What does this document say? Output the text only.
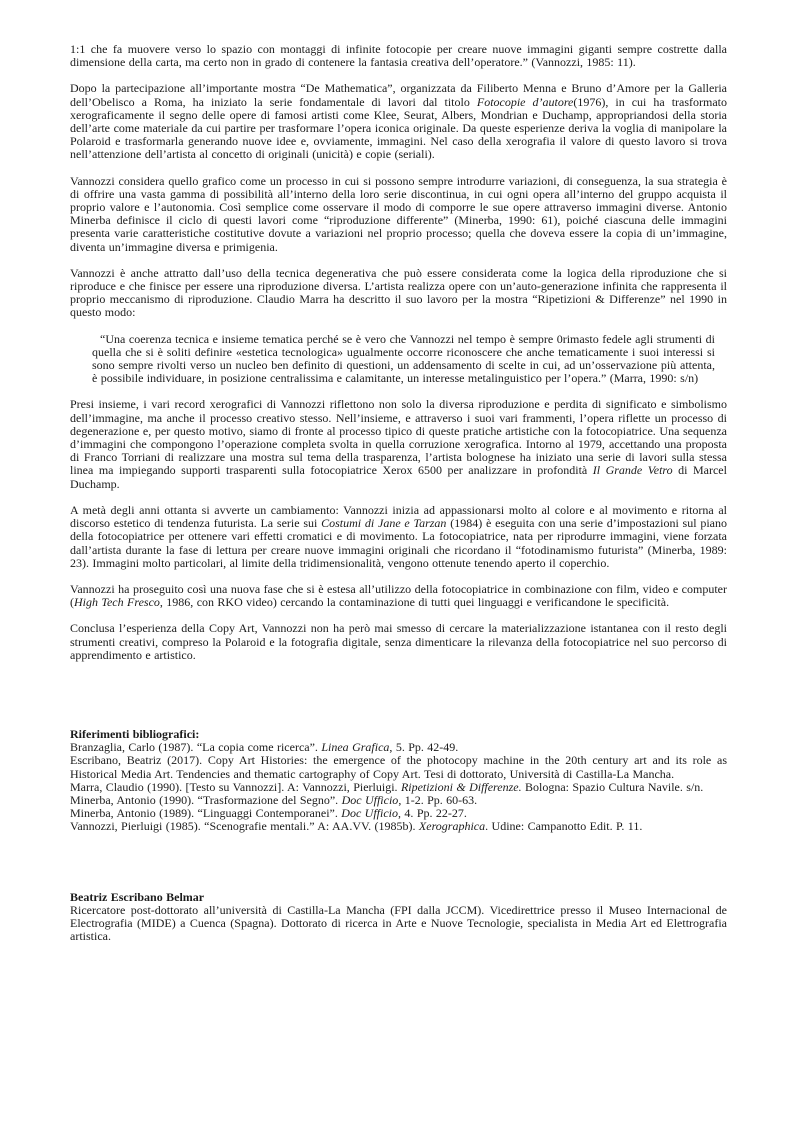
1:1 che fa muovere verso lo spazio con montaggi di infinite fotocopie per creare nuove immagini giganti sempre costrette dalla dimensione della carta, ma certo non in grado di contenere la fantasia creativa dell’operatore.” (Vannozzi, 1985: 11).

Dopo la partecipazione all’importante mostra “De Mathematica”, organizzata da Filiberto Menna e Bruno d’Amore per la Galleria dell’Obelisco a Roma, ha iniziato la serie fondamentale di lavori dal titolo Fotocopie d’autore(1976), in cui ha trasformato xerograficamente il segno delle opere di famosi artisti come Klee, Seurat, Albers, Mondrian e Duchamp, appropriandosi della storia dell’arte come materiale da cui partire per trasformare l’opera iconica originale. Da queste esperienze deriva la voglia di manipolare la Polaroid e trasformarla generando nuove idee e, ovviamente, immagini. Nel caso della xerografia il valore di questo lavoro si trova nell’attenzione dell’artista al concetto di originali (unicità) e copie (seriali).

Vannozzi considera quello grafico come un processo in cui si possono sempre introdurre variazioni, di conseguenza, la sua strategia è di offrire una vasta gamma di possibilità all’interno della loro serie discontinua, in cui ogni opera all’interno del gruppo acquista il proprio valore e l’autonomia. Così semplice come osservare il modo di comporre le sue opere attraverso immagini diverse. Antonio Minerba definisce il ciclo di questi lavori come “riproduzione differente” (Minerba, 1990: 61), poiché ciascuna delle immagini presenta varie caratteristiche costitutive dovute a variazioni nel proprio processo; quella che doveva essere la copia di un’immagine, diventa un’immagine diversa e primigenia.

Vannozzi è anche attratto dall’uso della tecnica degenerativa che può essere considerata come la logica della riproduzione che si riproduce e che finisce per essere una riproduzione diversa. L’artista realizza opere con un’auto-generazione infinita che rappresenta il proprio meccanismo di riproduzione. Claudio Marra ha descritto il suo lavoro per la mostra “Ripetizioni & Differenze” nel 1990 in questo modo:

“Una coerenza tecnica e insieme tematica perché se è vero che Vannozzi nel tempo è sempre 0rimasto fedele agli strumenti di quella che si è soliti definire «estetica tecnologica» ugualmente occorre riconoscere che anche tematicamente i suoi interessi si sono sempre rivolti verso un nucleo ben definito di questioni, un addensamento di scelte in cui, ad un’osservazione più attenta, è possibile individuare, in posizione centralissima e calamitante, un interesse metalinguistico per l’opera.” (Marra, 1990: s/n)

Presi insieme, i vari record xerografici di Vannozzi riflettono non solo la diversa riproduzione e perdita di significato e simbolismo dell’immagine, ma anche il processo creativo stesso. Nell’insieme, e attraverso i suoi vari frammenti, l’opera riflette un processo di degenerazione e, per questo motivo, siamo di fronte al processo tipico di queste pratiche artistiche con la fotocopiatrice. Una sequenza d’immagini che compongono l’operazione completa svolta in quella corruzione xerografica. Intorno al 1979, accettando una proposta di Franco Torriani di realizzare una mostra sul tema della trasparenza, l’artista bolognese ha iniziato una serie di lavori sulla stessa linea ma impiegando supporti trasparenti sulla fotocopiatrice Xerox 6500 per analizzare in profondità Il Grande Vetro di Marcel Duchamp.

A metà degli anni ottanta si avverte un cambiamento: Vannozzi inizia ad appassionarsi molto al colore e al movimento e ritorna al discorso estetico di tendenza futurista. La serie sui Costumi di Jane e Tarzan (1984) è eseguita con una serie d’impostazioni sul piano della fotocopiatrice per ottenere vari effetti cromatici e di movimento. La fotocopiatrice, nata per riprodurre immagini, viene forzata dall’artista durante la fase di lettura per creare nuove immagini originali che ricordano il “fotodinamismo futurista” (Minerba, 1989: 23). Immagini molto particolari, al limite della tridimensionalità, vengono ottenute tenendo aperto il coperchio.

Vannozzi ha proseguito così una nuova fase che si è estesa all’utilizzo della fotocopiatrice in combinazione con film, video e computer (High Tech Fresco, 1986, con RKO video) cercando la contaminazione di tutti quei linguaggi e verificandone le specificità.

Conclusa l’esperienza della Copy Art, Vannozzi non ha però mai smesso di cercare la materializzazione istantanea con il resto degli strumenti creativi, compreso la Polaroid e la fotografia digitale, senza dimenticare la rilevanza della fotocopiatrice nel suo percorso di apprendimento e artistico.

Riferimenti bibliografici:

Branzaglia, Carlo (1987). “La copia come ricerca”. Linea Grafica, 5. Pp. 42-49.

Escribano, Beatriz (2017). Copy Art Histories: the emergence of the photocopy machine in the 20th century art and its role as Historical Media Art. Tendencies and thematic cartography of Copy Art. Tesi di dottorato, Università di Castilla-La Mancha.

Marra, Claudio (1990). [Testo su Vannozzi]. A: Vannozzi, Pierluigi. Ripetizioni & Differenze. Bologna: Spazio Cultura Navile. s/n.

Minerba, Antonio (1990). “Trasformazione del Segno”. Doc Ufficio, 1-2. Pp. 60-63.

Minerba, Antonio (1989). “Linguaggi Contemporanei”. Doc Ufficio, 4. Pp. 22-27.

Vannozzi, Pierluigi (1985). “Scenografie mentali.” A: AA.VV. (1985b). Xerographica. Udine: Campanotto Edit. P. 11.

Beatriz Escribano Belmar

Ricercatore post-dottorato all’università di Castilla-La Mancha (FPI dalla JCCM). Vicedirettrice presso il Museo Internacional de Electrografia (MIDE) a Cuenca (Spagna). Dottorato di ricerca in Arte e Nuove Tecnologie, specialista in Media Art ed Elettrografia artistica.
